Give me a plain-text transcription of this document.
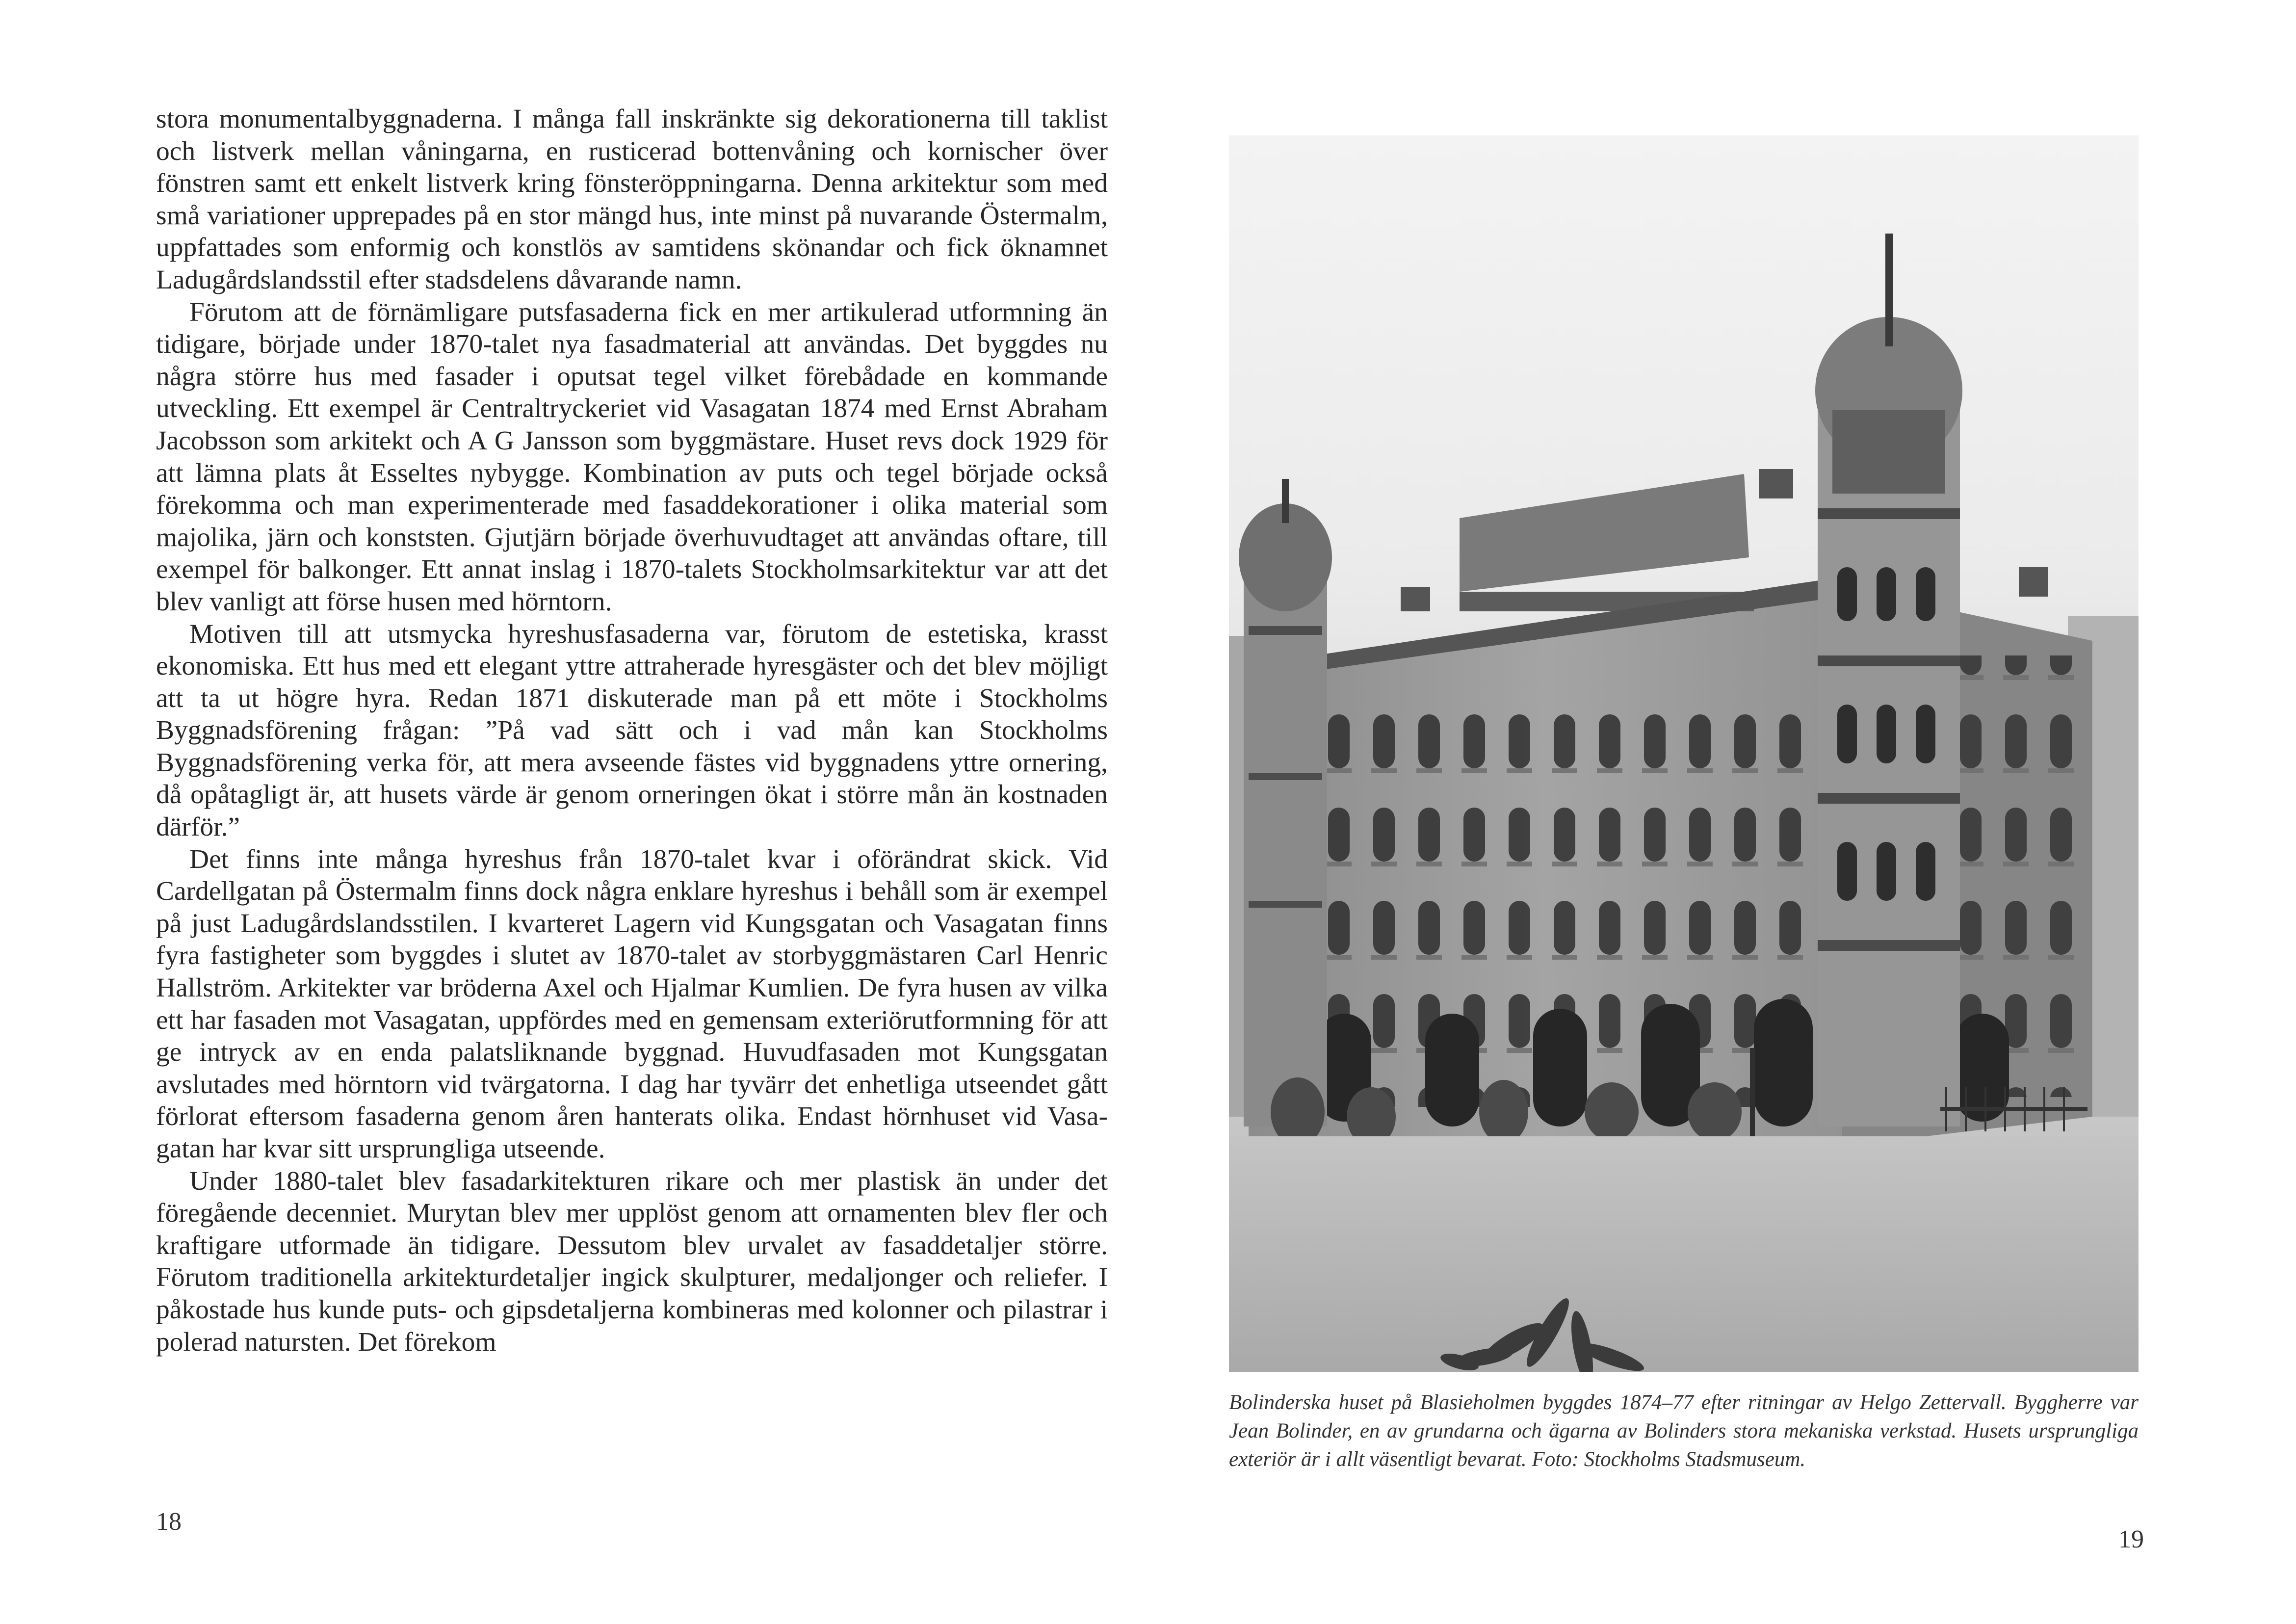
stora monumentalbyggnaderna. I många fall inskränkte sig dekorationerna till taklist och listverk mellan våningarna, en rusticerad bottenvåning och kornischer över fönstren samt ett enkelt listverk kring fönsteröppningarna. Denna arkitektur som med små variationer upprepades på en stor mängd hus, inte minst på nuvarande Östermalm, uppfattades som enformig och konstlös av samtidens skönandar och fick öknamnet Ladugårdslandsstil efter stadsdelens dåvarande namn.

Förutom att de förnämligare putsfasaderna fick en mer artikulerad utformning än tidigare, började under 1870-talet nya fasadmaterial att användas. Det byggdes nu några större hus med fasader i oputsat tegel vilket förebådade en kommande utveckling. Ett exempel är Centraltryckeriet vid Vasagatan 1874 med Ernst Abraham Jacobsson som arkitekt och A G Jansson som byggmästare. Huset revs dock 1929 för att lämna plats åt Esseltes nybygge. Kombination av puts och tegel började också förekomma och man experimenterade med fasaddekorationer i olika material som majolika, järn och konststen. Gjutjärn började överhuvudtaget att användas oftare, till exempel för balkonger. Ett annat inslag i 1870-talets Stockholmsarkitektur var att det blev vanligt att förse husen med hörntorn.

Motiven till att utsmycka hyreshusfasaderna var, förutom de estetiska, krasst ekonomiska. Ett hus med ett elegant yttre attraherade hyresgäster och det blev möjligt att ta ut högre hyra. Redan 1871 diskuterade man på ett möte i Stockholms Byggnadsförening frågan: ”På vad sätt och i vad mån kan Stockholms Byggnadsförening verka för, att mera avseende fästes vid byggnadens yttre ornering, då opåtagligt är, att husets värde är genom orneringen ökat i större mån än kostnaden därför.”

Det finns inte många hyreshus från 1870-talet kvar i oförändrat skick. Vid Cardellgatan på Östermalm finns dock några enklare hyreshus i behåll som är exempel på just Ladugårdslandsstilen. I kvarteret Lagern vid Kungsgatan och Vasagatan finns fyra fastigheter som byggdes i slutet av 1870-talet av storbyggmästaren Carl Henric Hallström. Arkitekter var bröderna Axel och Hjalmar Kumlien. De fyra husen av vilka ett har fasaden mot Vasagatan, uppfördes med en gemensam exteriörutformning för att ge intryck av en enda palatsliknande byggnad. Huvudfasaden mot Kungsgatan avslutades med hörntorn vid tvärgatorna. I dag har tyvärr det enhetliga utseendet gått förlorat eftersom fasaderna genom åren hanterats olika. Endast hörnhuset vid Vasagatan har kvar sitt ursprungliga utseende.

Under 1880-talet blev fasadarkitekturen rikare och mer plastisk än under det föregående decenniet. Murytan blev mer upplöst genom att ornamenten blev fler och kraftigare utformade än tidigare. Dessutom blev urvalet av fasaddetaljer större. Förutom traditionella arkitekturdetaljer ingick skulpturer, medaljonger och reliefer. I påkostade hus kunde puts- och gipsdetaljerna kombineras med kolonner och pilastrar i polerad natursten. Det förekom

18

Bolinderska huset på Blasieholmen byggdes 1874–77 efter ritningar av Helgo Zettervall. Byggherre var Jean Bolinder, en av grundarna och ägarna av Bolinders stora mekaniska verkstad. Husets ursprungliga exteriör är i allt väsentligt bevarat. Foto: Stockholms Stadsmuseum.

19
